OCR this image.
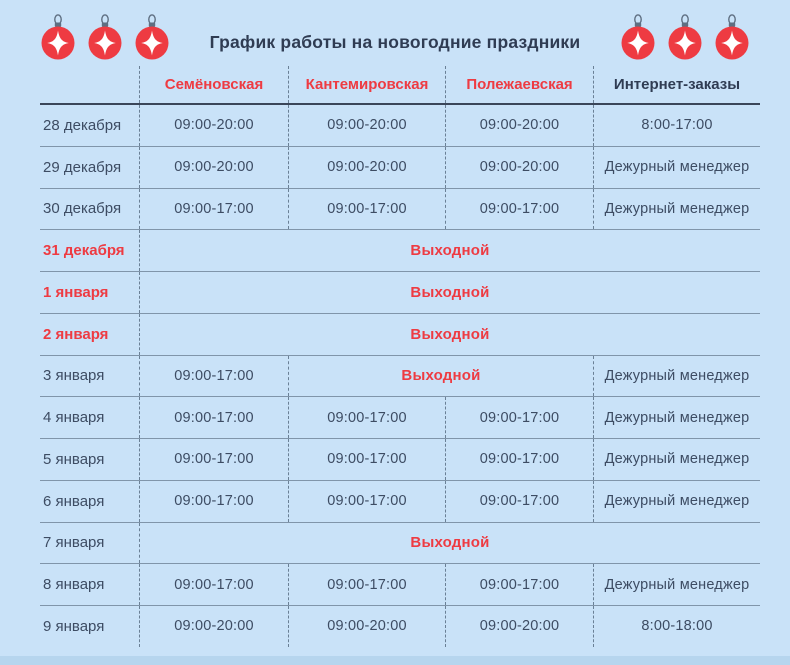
График работы на новогодние праздники
Семёновская	Кантемировская	Полежаевская	Интернет-заказы
28 декабря	09:00-20:00	09:00-20:00	09:00-20:00	8:00-17:00
29 декабря	09:00-20:00	09:00-20:00	09:00-20:00	Дежурный менеджер
30 декабря	09:00-17:00	09:00-17:00	09:00-17:00	Дежурный менеджер
31 декабря	Выходной
1 января	Выходной
2 января	Выходной
3 января	09:00-17:00	Выходной	Дежурный менеджер
4 января	09:00-17:00	09:00-17:00	09:00-17:00	Дежурный менеджер
5 января	09:00-17:00	09:00-17:00	09:00-17:00	Дежурный менеджер
6 января	09:00-17:00	09:00-17:00	09:00-17:00	Дежурный менеджер
7 января	Выходной
8 января	09:00-17:00	09:00-17:00	09:00-17:00	Дежурный менеджер
9 января	09:00-20:00	09:00-20:00	09:00-20:00	8:00-18:00
